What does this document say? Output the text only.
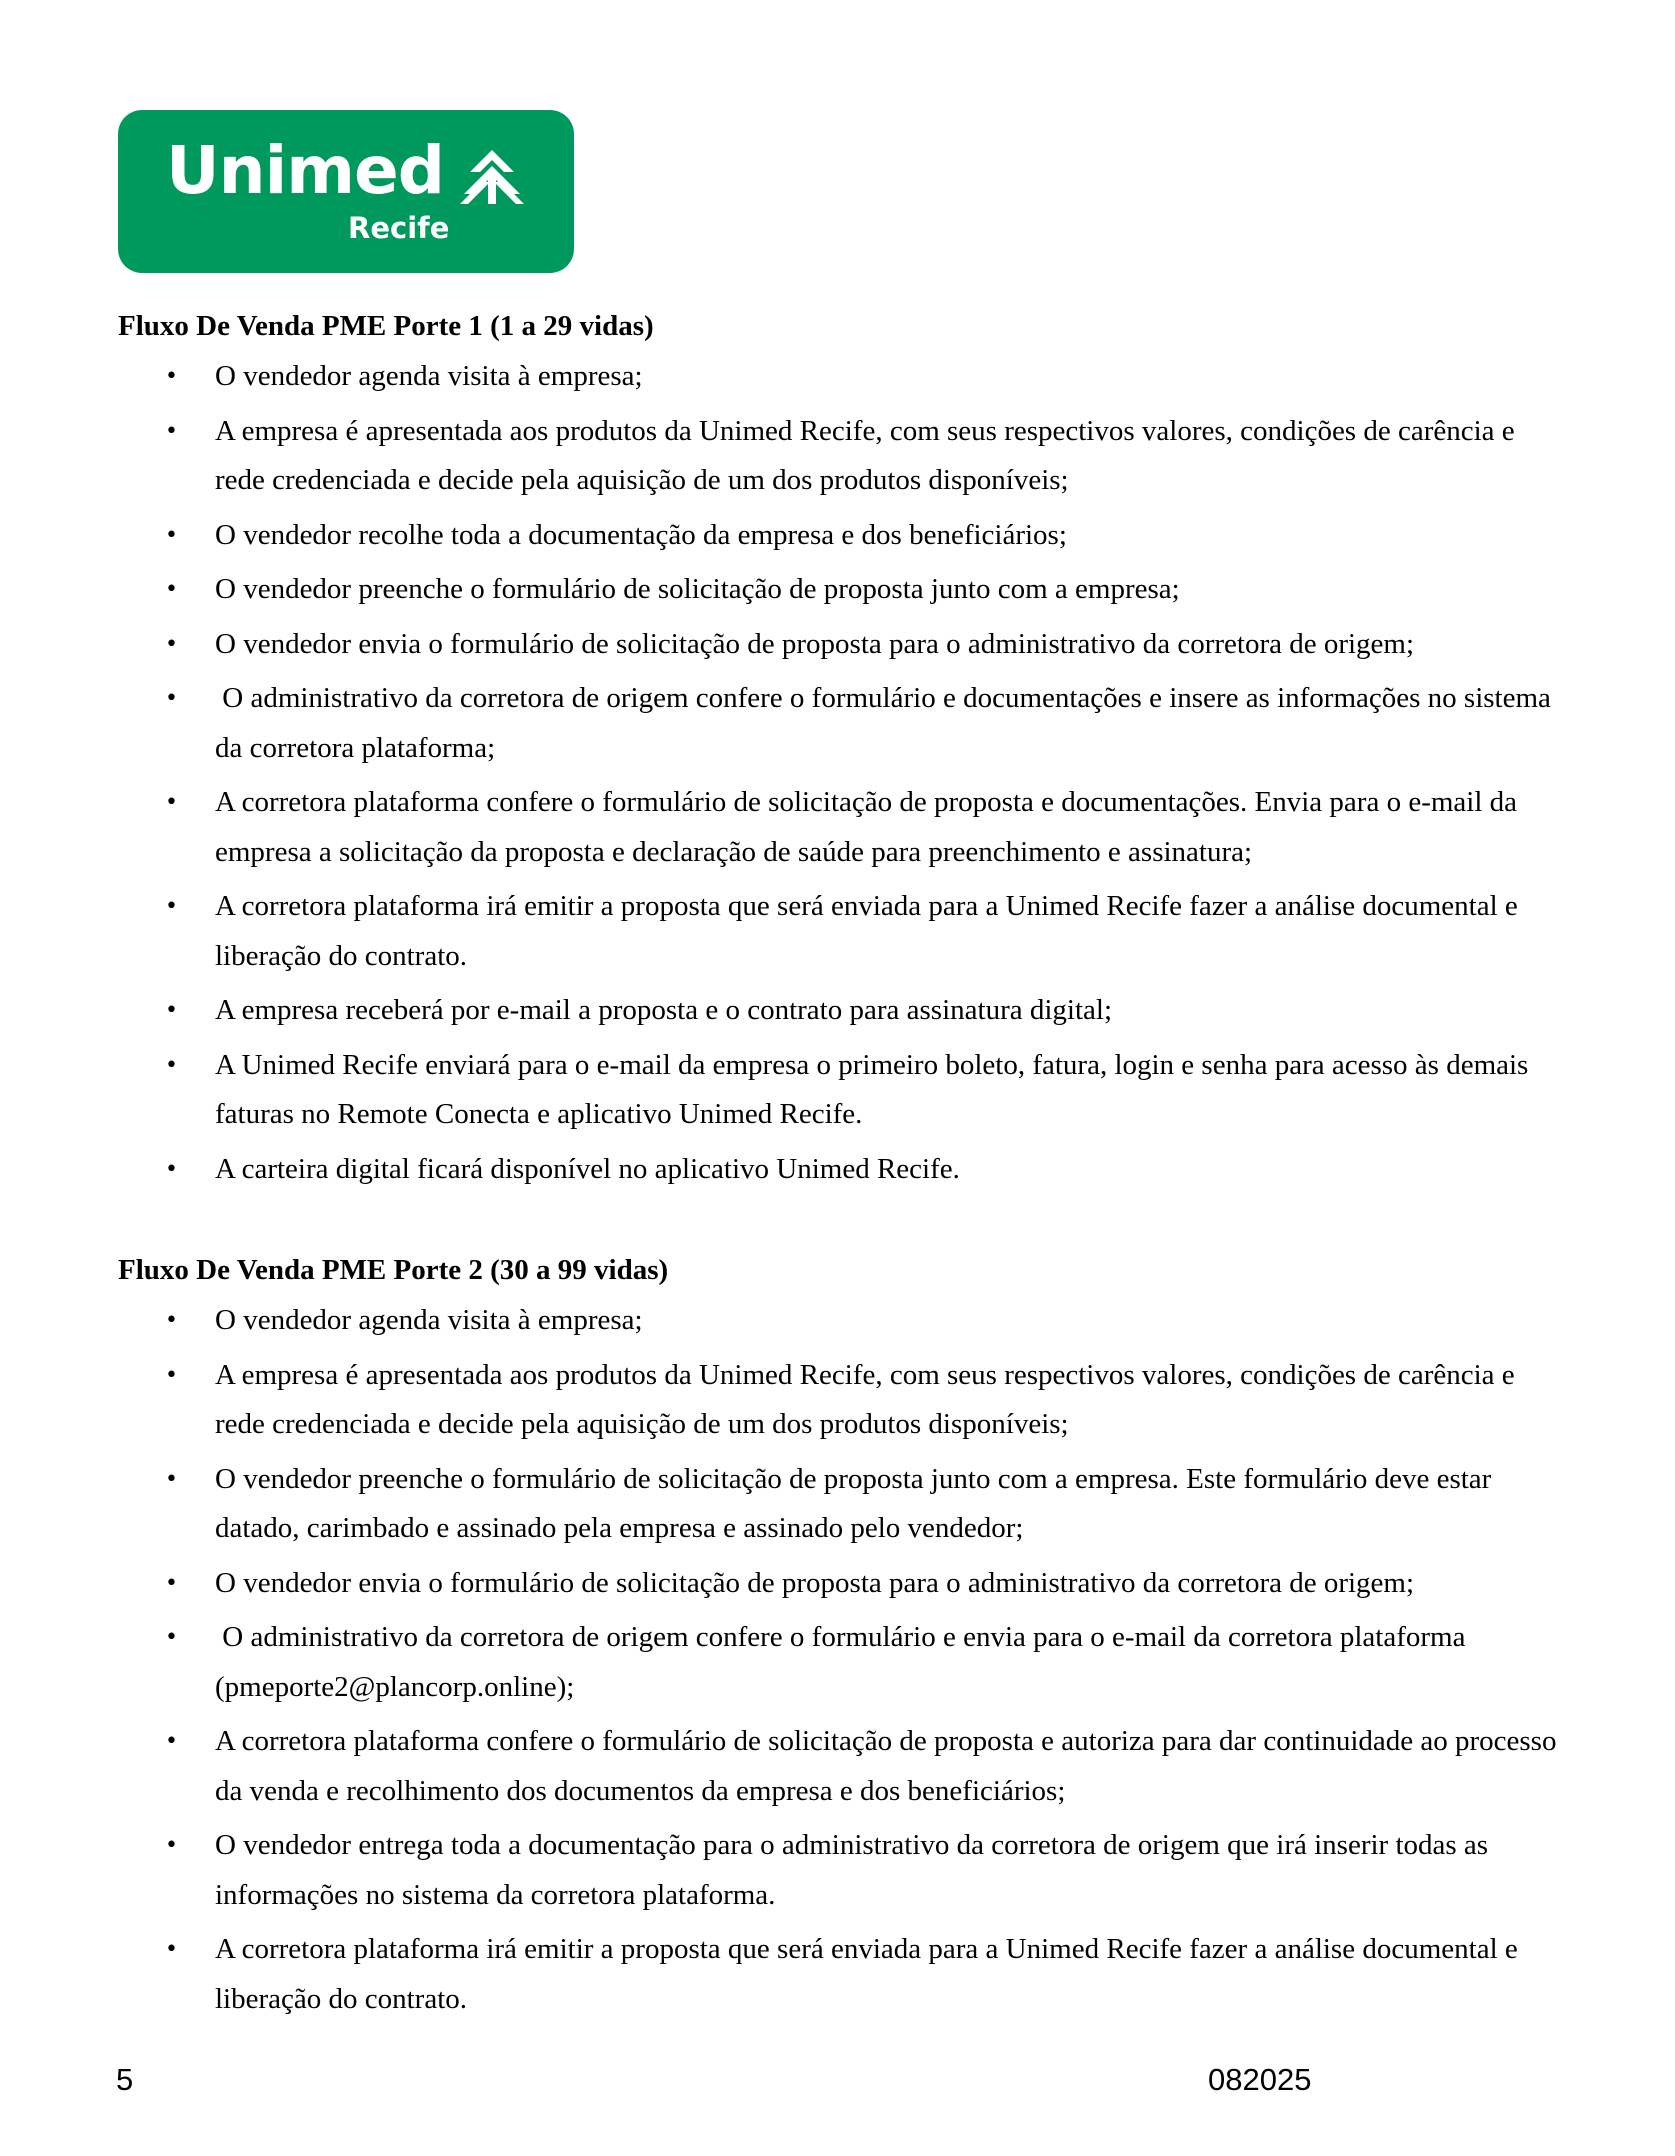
Unimed
Recife
Fluxo De Venda PME Porte 1 (1 a 29 vidas)
• O vendedor agenda visita à empresa;
• A empresa é apresentada aos produtos da Unimed Recife, com seus respectivos valores, condições de carência e rede credenciada e decide pela aquisição de um dos produtos disponíveis;
• O vendedor recolhe toda a documentação da empresa e dos beneficiários;
• O vendedor preenche o formulário de solicitação de proposta junto com a empresa;
• O vendedor envia o formulário de solicitação de proposta para o administrativo da corretora de origem;
• O administrativo da corretora de origem confere o formulário e documentações e insere as informações no sistema da corretora plataforma;
• A corretora plataforma confere o formulário de solicitação de proposta e documentações. Envia para o e-mail da empresa a solicitação da proposta e declaração de saúde para preenchimento e assinatura;
• A corretora plataforma irá emitir a proposta que será enviada para a Unimed Recife fazer a análise documental e liberação do contrato.
• A empresa receberá por e-mail a proposta e o contrato para assinatura digital;
• A Unimed Recife enviará para o e-mail da empresa o primeiro boleto, fatura, login e senha para acesso às demais faturas no Remote Conecta e aplicativo Unimed Recife.
• A carteira digital ficará disponível no aplicativo Unimed Recife.
Fluxo De Venda PME Porte 2 (30 a 99 vidas)
• O vendedor agenda visita à empresa;
• A empresa é apresentada aos produtos da Unimed Recife, com seus respectivos valores, condições de carência e rede credenciada e decide pela aquisição de um dos produtos disponíveis;
• O vendedor preenche o formulário de solicitação de proposta junto com a empresa. Este formulário deve estar datado, carimbado e assinado pela empresa e assinado pelo vendedor;
• O vendedor envia o formulário de solicitação de proposta para o administrativo da corretora de origem;
• O administrativo da corretora de origem confere o formulário e envia para o e-mail da corretora plataforma (pmeporte2@plancorp.online);
• A corretora plataforma confere o formulário de solicitação de proposta e autoriza para dar continuidade ao processo da venda e recolhimento dos documentos da empresa e dos beneficiários;
• O vendedor entrega toda a documentação para o administrativo da corretora de origem que irá inserir todas as informações no sistema da corretora plataforma.
• A corretora plataforma irá emitir a proposta que será enviada para a Unimed Recife fazer a análise documental e liberação do contrato.
5	082025
